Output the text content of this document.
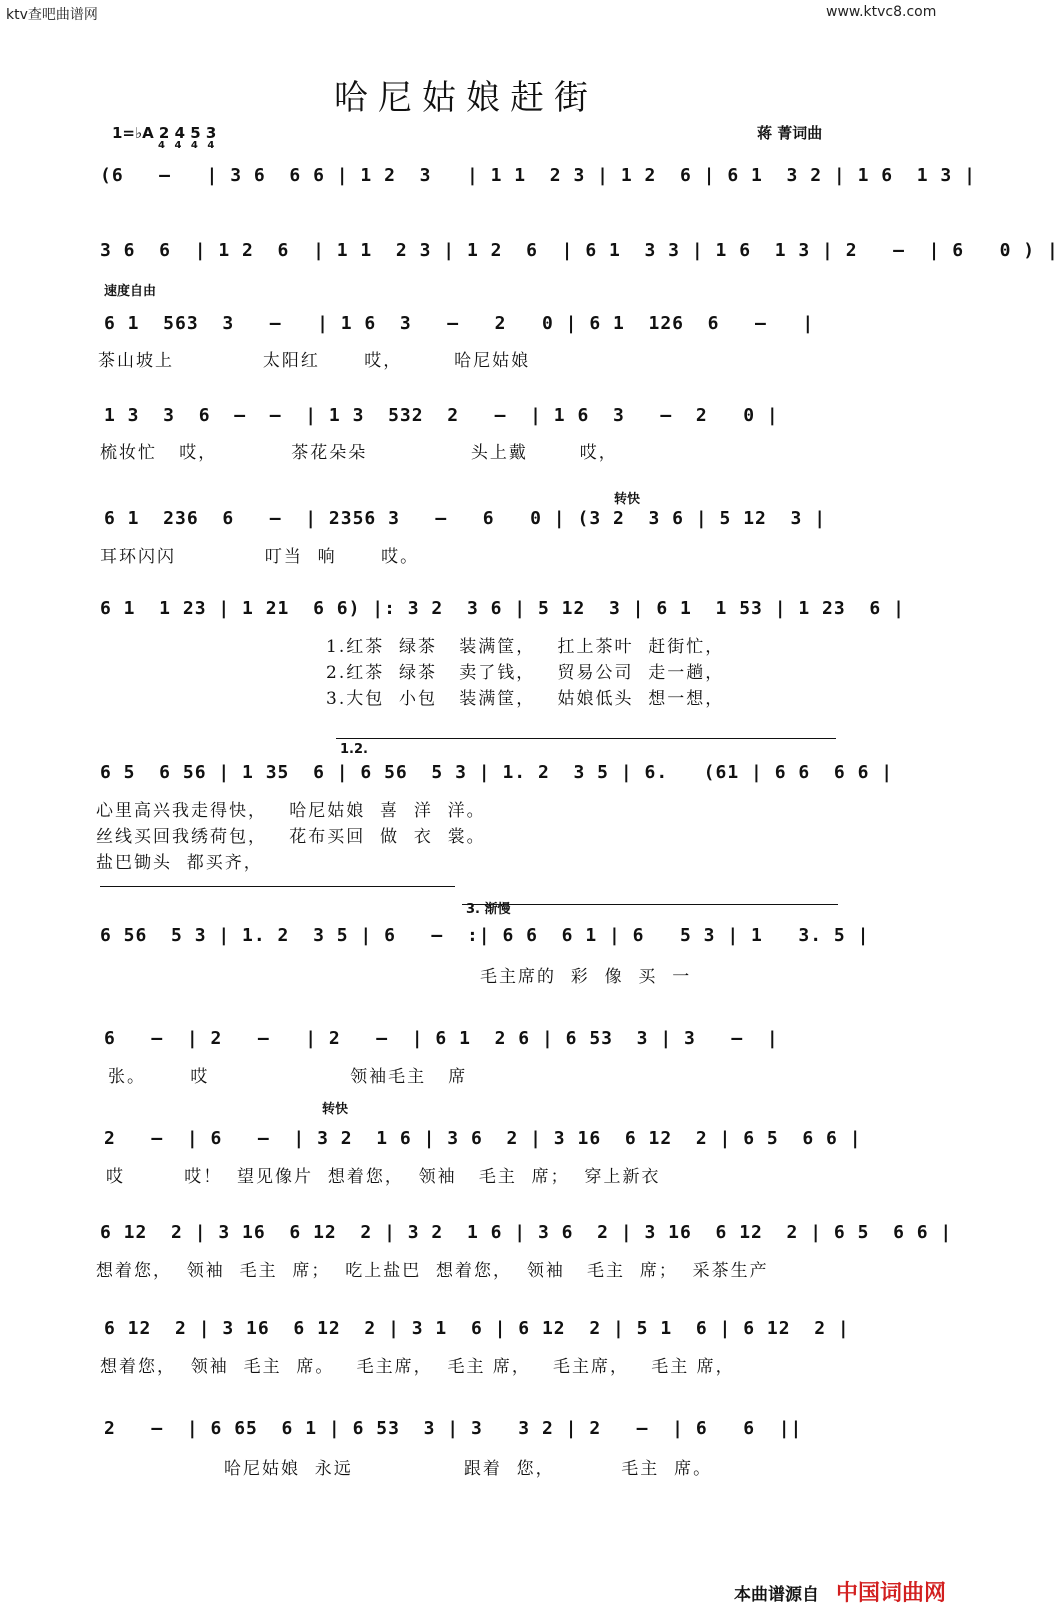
ktv查吧曲谱网	www.ktvc8.com
哈尼姑娘赶街
1=♭A 2 4 5 3
4 4 4 4
蒋 菁词曲
(6   –   | 3 6  6 6 | 1 2  3   | 1 1  2 3 | 1 2  6 | 6 1  3 2 | 1 6  1 3 |
3 6  6  | 1 2  6  | 1 1  2 3 | 1 2  6  | 6 1  3 3 | 1 6  1 3 | 2   –  | 6   0 ) |
速度自由
6 1  563  3   –   | 1 6  3   –   2   0 | 6 1  126  6   –   |
茶山坡上            太阳红      哎，       哈尼姑娘
1 3  3  6  –  –  | 1 3  532  2   –  | 1 6  3   –  2   0 |
梳妆忙   哎，          茶花朵朵              头上戴       哎，
转快
6 1  236  6   –  | 2356 3   –   6   0 | (3 2  3 6 | 5 12  3 |
耳环闪闪            叮当  响      哎。
6 1  1 23 | 1 21  6 6) |: 3 2  3 6 | 5 12  3 | 6 1  1 53 | 1 23  6 |
1.红茶  绿茶   装满筐，   扛上茶叶  赶街忙，
2.红茶  绿茶   卖了钱，   贸易公司  走一趟，
3.大包  小包   装满筐，   姑娘低头  想一想，
1.2.
6 5  6 56 | 1 35  6 | 6 56  5 3 | 1. 2  3 5 | 6.   (61 | 6 6  6 6 |
心里高兴我走得快，   哈尼姑娘  喜  洋  洋。
丝线买回我绣荷包，   花布买回  做  衣  裳。
盐巴锄头  都买齐，
3. 渐慢
6 56  5 3 | 1. 2  3 5 | 6   –  :| 6 6  6 1 | 6   5 3 | 1   3. 5 |
毛主席的  彩  像  买  一
6   –  | 2   –   | 2   –  | 6 1  2 6 | 6 53  3 | 3   –  |
张。      哎                   领袖毛主   席
转快
2   –  | 6   –  | 3 2  1 6 | 3 6  2 | 3 16  6 12  2 | 6 5  6 6 |
哎        哎！  望见像片  想着您，  领袖   毛主  席；  穿上新衣
6 12  2 | 3 16  6 12  2 | 3 2  1 6 | 3 6  2 | 3 16  6 12  2 | 6 5  6 6 |
想着您，  领袖  毛主  席；  吃上盐巴  想着您，  领袖   毛主  席；  采茶生产
6 12  2 | 3 16  6 12  2 | 3 1  6 | 6 12  2 | 5 1  6 | 6 12  2 |
想着您，  领袖  毛主  席。   毛主席，  毛主 席，   毛主席，   毛主 席，
2   –  | 6 65  6 1 | 6 53  3 | 3   3 2 | 2   –  | 6   6  ||
哈尼姑娘  永远               跟着  您，         毛主  席。
本曲谱源自 中国词曲网
